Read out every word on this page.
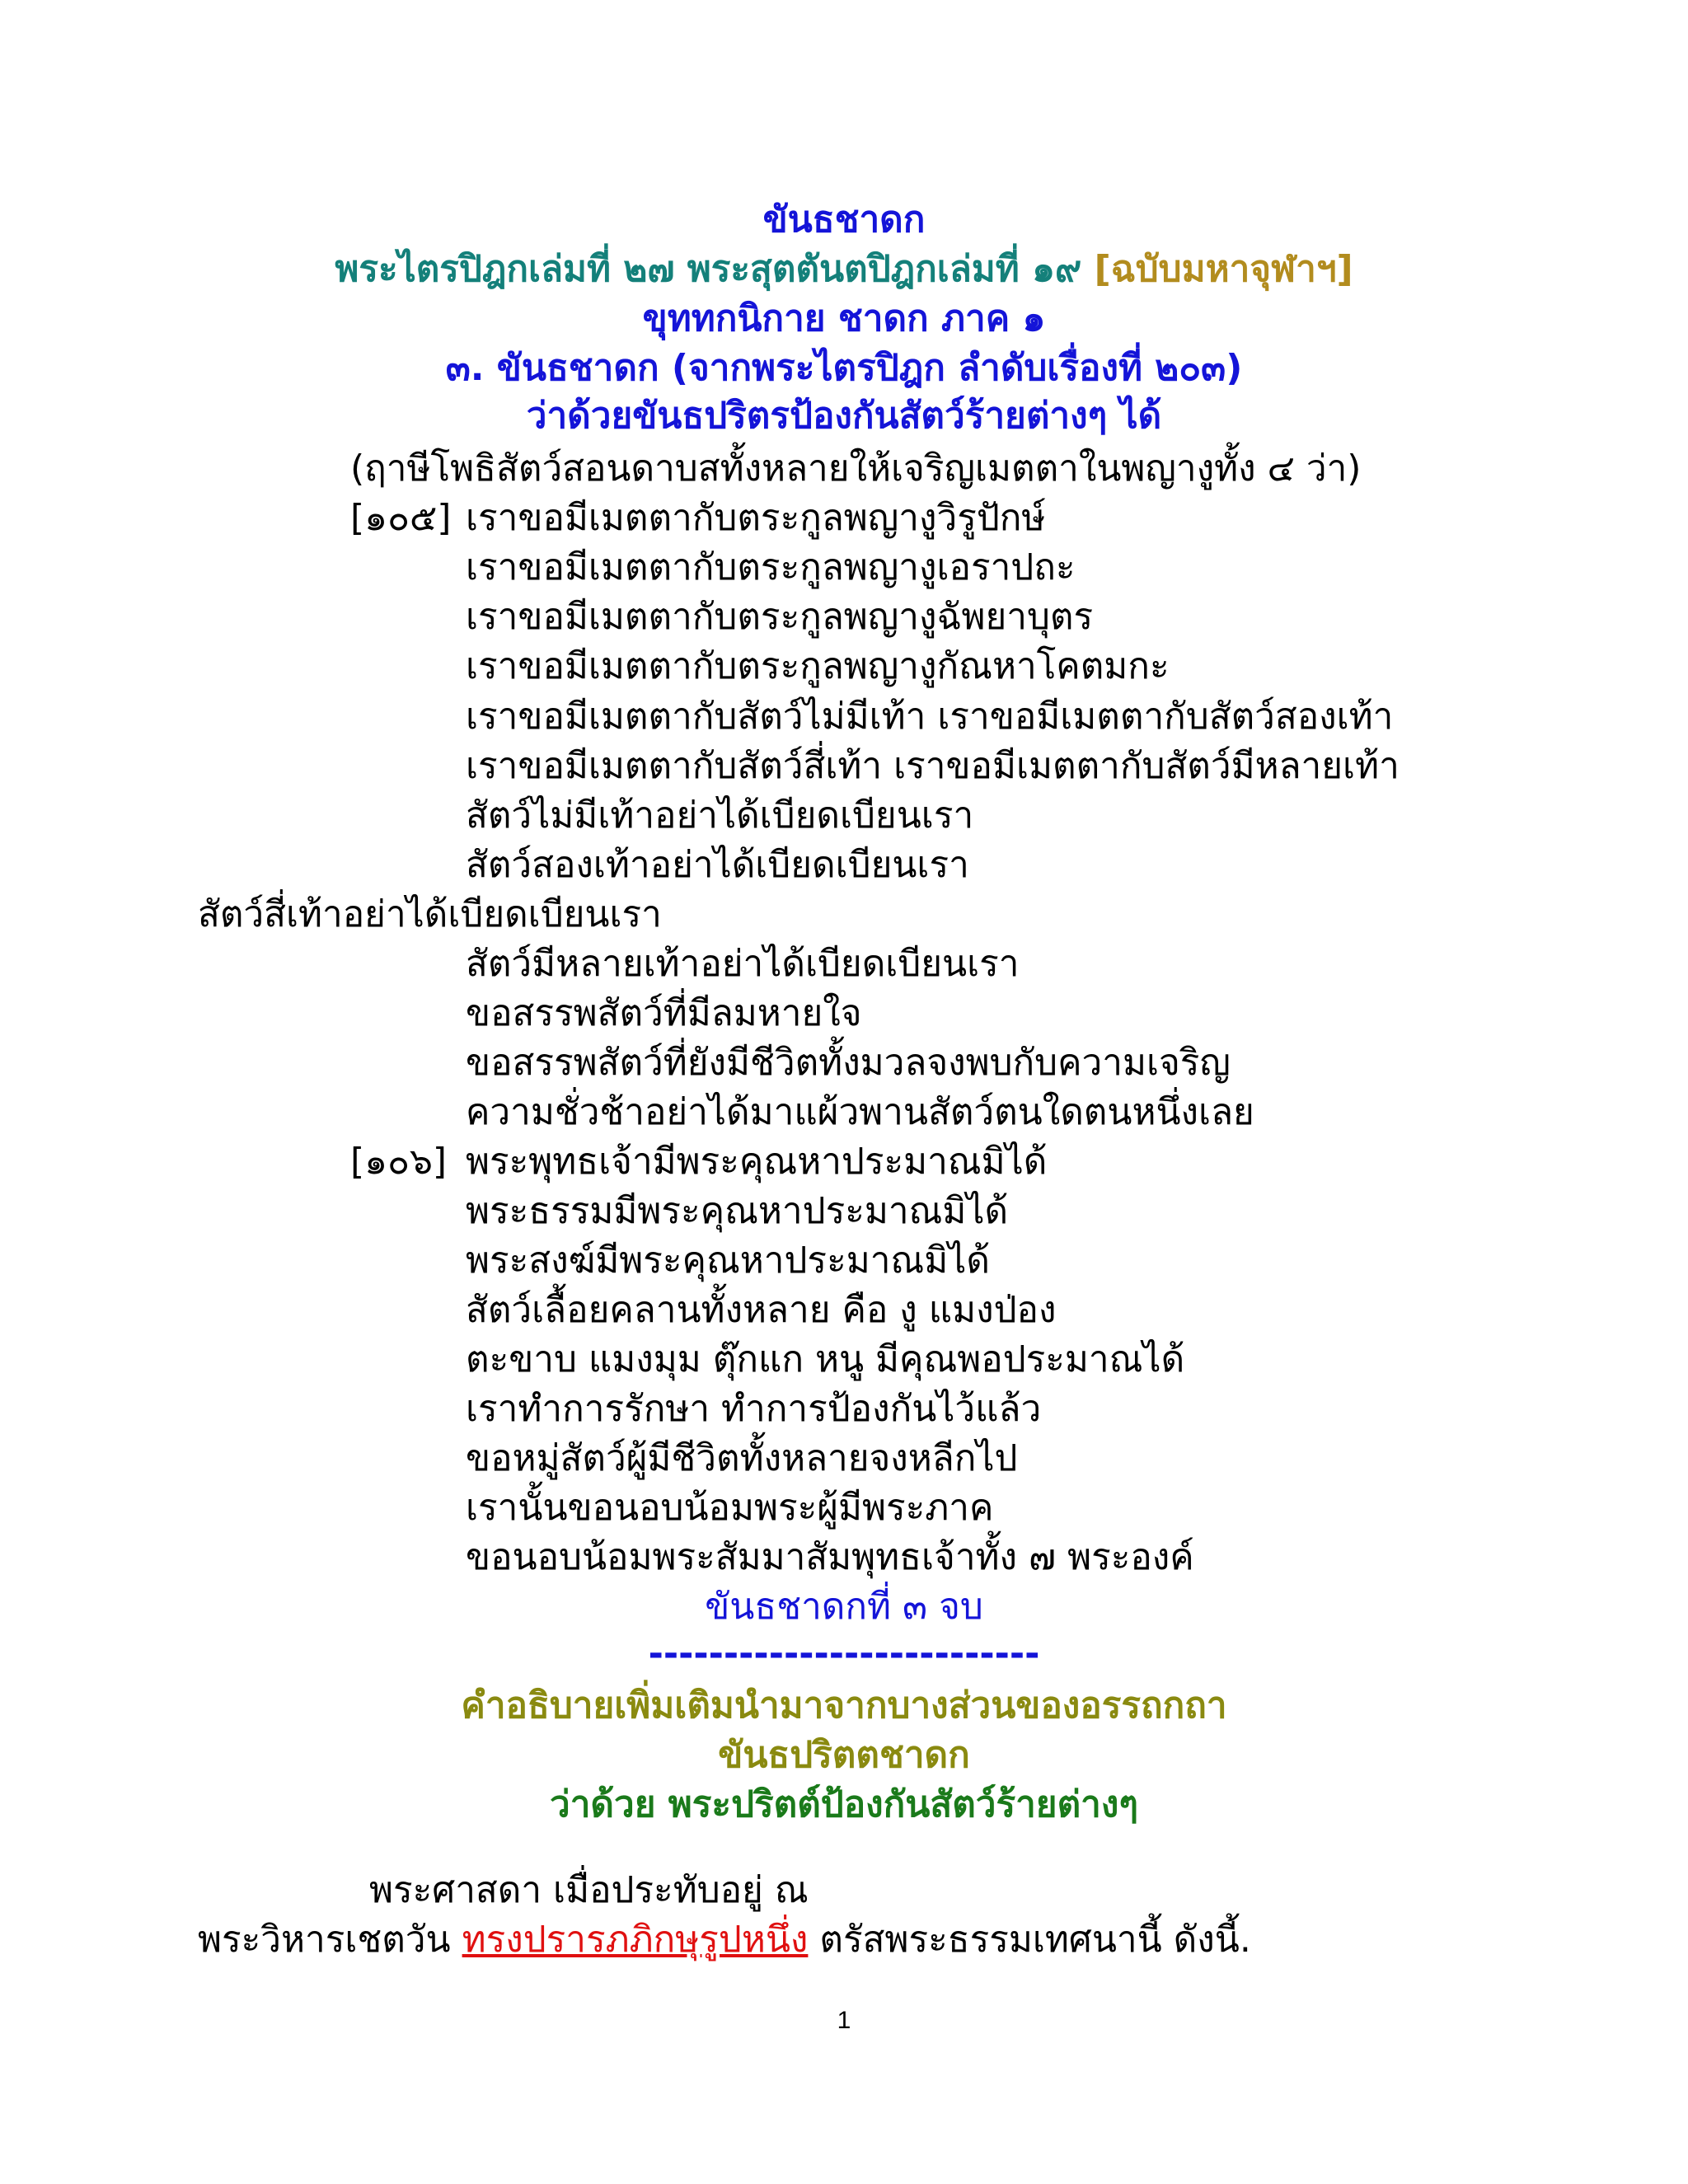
ขันธชาดก
พระไตรปิฎกเล่มที่ ๒๗ พระสุตตันตปิฎกเล่มที่ ๑๙ [ฉบับมหาจุฬาฯ]
ขุททกนิกาย ชาดก ภาค ๑
๓. ขันธชาดก (จากพระไตรปิฎก ลำดับเรื่องที่ ๒๐๓)
ว่าด้วยขันธปริตรป้องกันสัตว์ร้ายต่างๆ ได้
(ฤาษีโพธิสัตว์สอนดาบสทั้งหลายให้เจริญเมตตาในพญางูทั้ง ๔ ว่า)
[๑๐๕] เราขอมีเมตตากับตระกูลพญางูวิรูปักษ์
เราขอมีเมตตากับตระกูลพญางูเอราปถะ
เราขอมีเมตตากับตระกูลพญางูฉัพยาบุตร
เราขอมีเมตตากับตระกูลพญางูกัณหาโคตมกะ
เราขอมีเมตตากับสัตว์ไม่มีเท้า เราขอมีเมตตากับสัตว์สองเท้า
เราขอมีเมตตากับสัตว์สี่เท้า เราขอมีเมตตากับสัตว์มีหลายเท้า
สัตว์ไม่มีเท้าอย่าได้เบียดเบียนเรา
สัตว์สองเท้าอย่าได้เบียดเบียนเรา
สัตว์สี่เท้าอย่าได้เบียดเบียนเรา
สัตว์มีหลายเท้าอย่าได้เบียดเบียนเรา
ขอสรรพสัตว์ที่มีลมหายใจ
ขอสรรพสัตว์ที่ยังมีชีวิตทั้งมวลจงพบกับความเจริญ
ความชั่วช้าอย่าได้มาแผ้วพานสัตว์ตนใดตนหนึ่งเลย
[๑๐๖] พระพุทธเจ้ามีพระคุณหาประมาณมิได้
พระธรรมมีพระคุณหาประมาณมิได้
พระสงฆ์มีพระคุณหาประมาณมิได้
สัตว์เลื้อยคลานทั้งหลาย คือ งู แมงป่อง
ตะขาบ แมงมุม ตุ๊กแก หนู มีคุณพอประมาณได้
เราทำการรักษา ทำการป้องกันไว้แล้ว
ขอหมู่สัตว์ผู้มีชีวิตทั้งหลายจงหลีกไป
เรานั้นขอนอบน้อมพระผู้มีพระภาค
ขอนอบน้อมพระสัมมาสัมพุทธเจ้าทั้ง ๗ พระองค์
ขันธชาดกที่ ๓ จบ
--------------------------
คำอธิบายเพิ่มเติมนำมาจากบางส่วนของอรรถกถา
ขันธปริตตชาดก
ว่าด้วย พระปริตต์ป้องกันสัตว์ร้ายต่างๆ
พระศาสดา เมื่อประทับอยู่ ณ
พระวิหารเชตวัน ทรงปรารภภิกษุรูปหนึ่ง ตรัสพระธรรมเทศนานี้ ดังนี้.
1
